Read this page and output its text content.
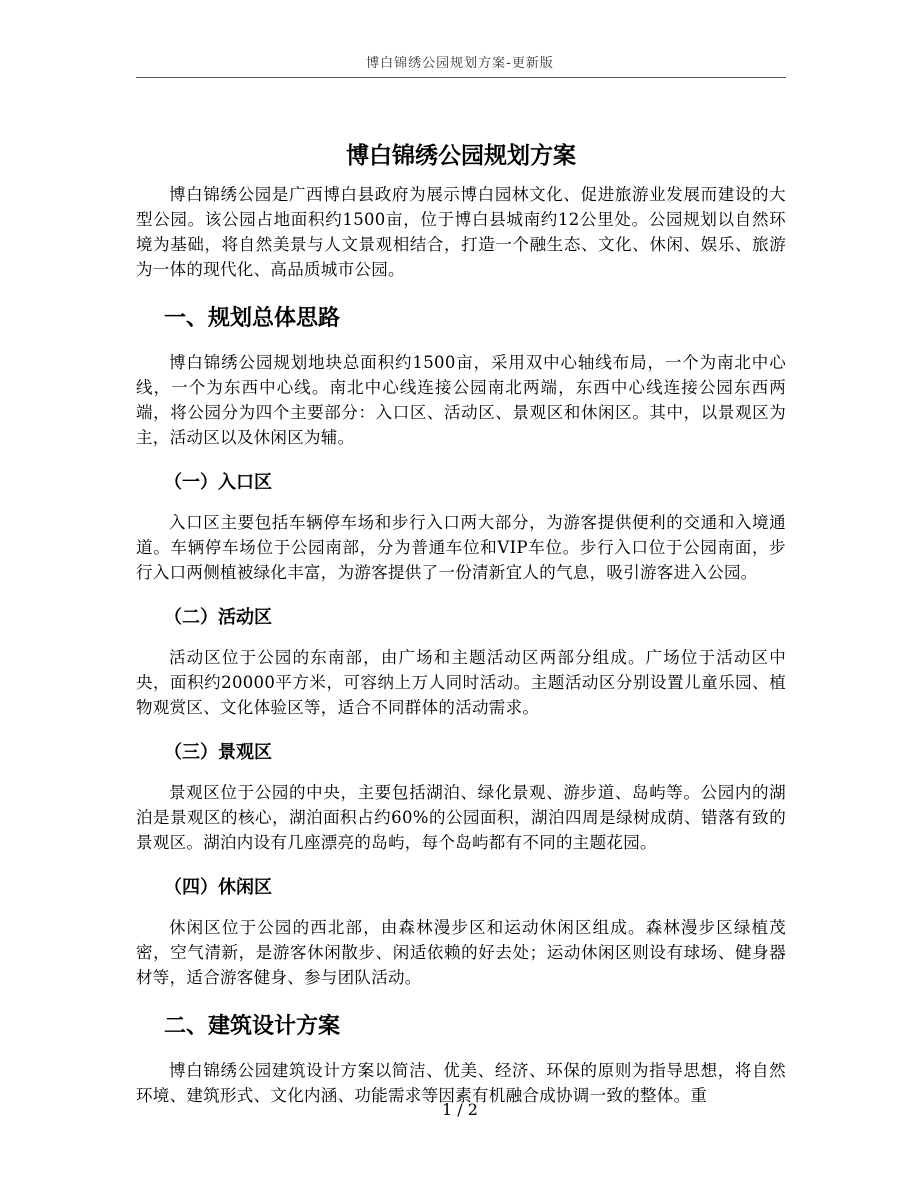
博白锦绣公园规划方案-更新版
博白锦绣公园规划方案

博白锦绣公园是广西博白县政府为展示博白园林文化、促进旅游业发展而建设的大型公园。该公园占地面积约1500亩，位于博白县城南约12公里处。公园规划以自然环境为基础，将自然美景与人文景观相结合，打造一个融生态、文化、休闲、娱乐、旅游为一体的现代化、高品质城市公园。

一、规划总体思路

博白锦绣公园规划地块总面积约1500亩，采用双中心轴线布局，一个为南北中心线，一个为东西中心线。南北中心线连接公园南北两端，东西中心线连接公园东西两端，将公园分为四个主要部分：入口区、活动区、景观区和休闲区。其中，以景观区为主，活动区以及休闲区为辅。

（一）入口区

入口区主要包括车辆停车场和步行入口两大部分，为游客提供便利的交通和入境通道。车辆停车场位于公园南部，分为普通车位和VIP车位。步行入口位于公园南面，步行入口两侧植被绿化丰富，为游客提供了一份清新宜人的气息，吸引游客进入公园。

（二）活动区

活动区位于公园的东南部，由广场和主题活动区两部分组成。广场位于活动区中央，面积约20000平方米，可容纳上万人同时活动。主题活动区分别设置儿童乐园、植物观赏区、文化体验区等，适合不同群体的活动需求。

（三）景观区

景观区位于公园的中央，主要包括湖泊、绿化景观、游步道、岛屿等。公园内的湖泊是景观区的核心，湖泊面积占约60%的公园面积，湖泊四周是绿树成荫、错落有致的景观区。湖泊内设有几座漂亮的岛屿，每个岛屿都有不同的主题花园。

（四）休闲区

休闲区位于公园的西北部，由森林漫步区和运动休闲区组成。森林漫步区绿植茂密，空气清新，是游客休闲散步、闲适依赖的好去处；运动休闲区则设有球场、健身器材等，适合游客健身、参与团队活动。

二、建筑设计方案

博白锦绣公园建筑设计方案以简洁、优美、经济、环保的原则为指导思想，将自然环境、建筑形式、文化内涵、功能需求等因素有机融合成协调一致的整体。重

1 / 2
